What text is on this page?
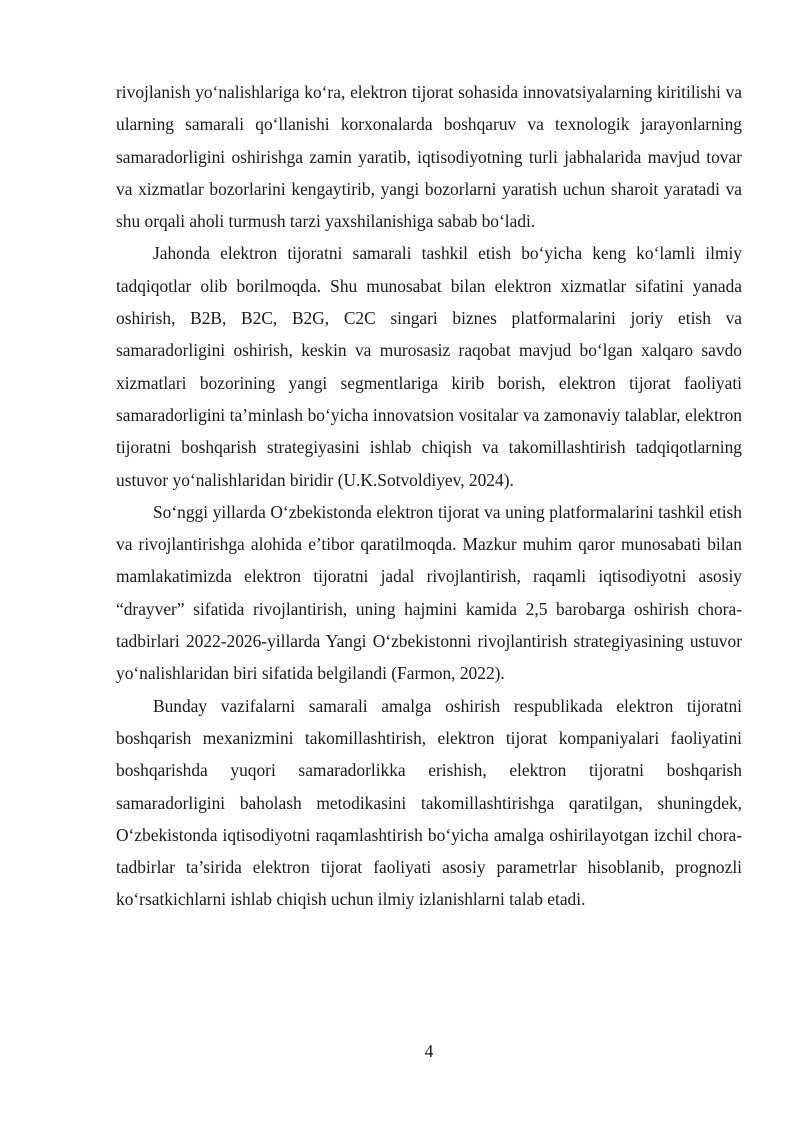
rivojlanish yo‘nalishlariga ko‘ra, elektron tijorat sohasida innovatsiyalarning kiritilishi va ularning samarali qo‘llanishi korxonalarda boshqaruv va texnologik jarayonlarning samaradorligini oshirishga zamin yaratib, iqtisodiyotning turli jabhalarida mavjud tovar va xizmatlar bozorlarini kengaytirib, yangi bozorlarni yaratish uchun sharoit yaratadi va shu orqali aholi turmush tarzi yaxshilanishiga sabab bo‘ladi.

Jahonda elektron tijoratni samarali tashkil etish bo‘yicha keng ko‘lamli ilmiy tadqiqotlar olib borilmoqda. Shu munosabat bilan elektron xizmatlar sifatini yanada oshirish, B2B, B2C, B2G, C2C singari biznes platformalarini joriy etish va samaradorligini oshirish, keskin va murosasiz raqobat mavjud bo‘lgan xalqaro savdo xizmatlari bozorining yangi segmentlariga kirib borish, elektron tijorat faoliyati samaradorligini ta’minlash bo‘yicha innovatsion vositalar va zamonaviy talablar, elektron tijoratni boshqarish strategiyasini ishlab chiqish va takomillashtirish tadqiqotlarning ustuvor yo‘nalishlaridan biridir (U.K.Sotvoldiyev, 2024).

So‘nggi yillarda O‘zbekistonda elektron tijorat va uning platformalarini tashkil etish va rivojlantirishga alohida e’tibor qaratilmoqda. Mazkur muhim qaror munosabati bilan mamlakatimizda elektron tijoratni jadal rivojlantirish, raqamli iqtisodiyotni asosiy “drayver” sifatida rivojlantirish, uning hajmini kamida 2,5 barobarga oshirish chora-tadbirlari 2022-2026-yillarda Yangi O‘zbekistonni rivojlantirish strategiyasining ustuvor yo‘nalishlaridan biri sifatida belgilandi (Farmon, 2022).

Bunday vazifalarni samarali amalga oshirish respublikada elektron tijoratni boshqarish mexanizmini takomillashtirish, elektron tijorat kompaniyalari faoliyatini boshqarishda yuqori samaradorlikka erishish, elektron tijoratni boshqarish samaradorligini baholash metodikasini takomillashtirishga qaratilgan, shuningdek, O‘zbekistonda iqtisodiyotni raqamlashtirish bo‘yicha amalga oshirilayotgan izchil chora-tadbirlar ta’sirida elektron tijorat faoliyati asosiy parametrlar hisoblanib, prognozli ko‘rsatkichlarni ishlab chiqish uchun ilmiy izlanishlarni talab etadi.

4
